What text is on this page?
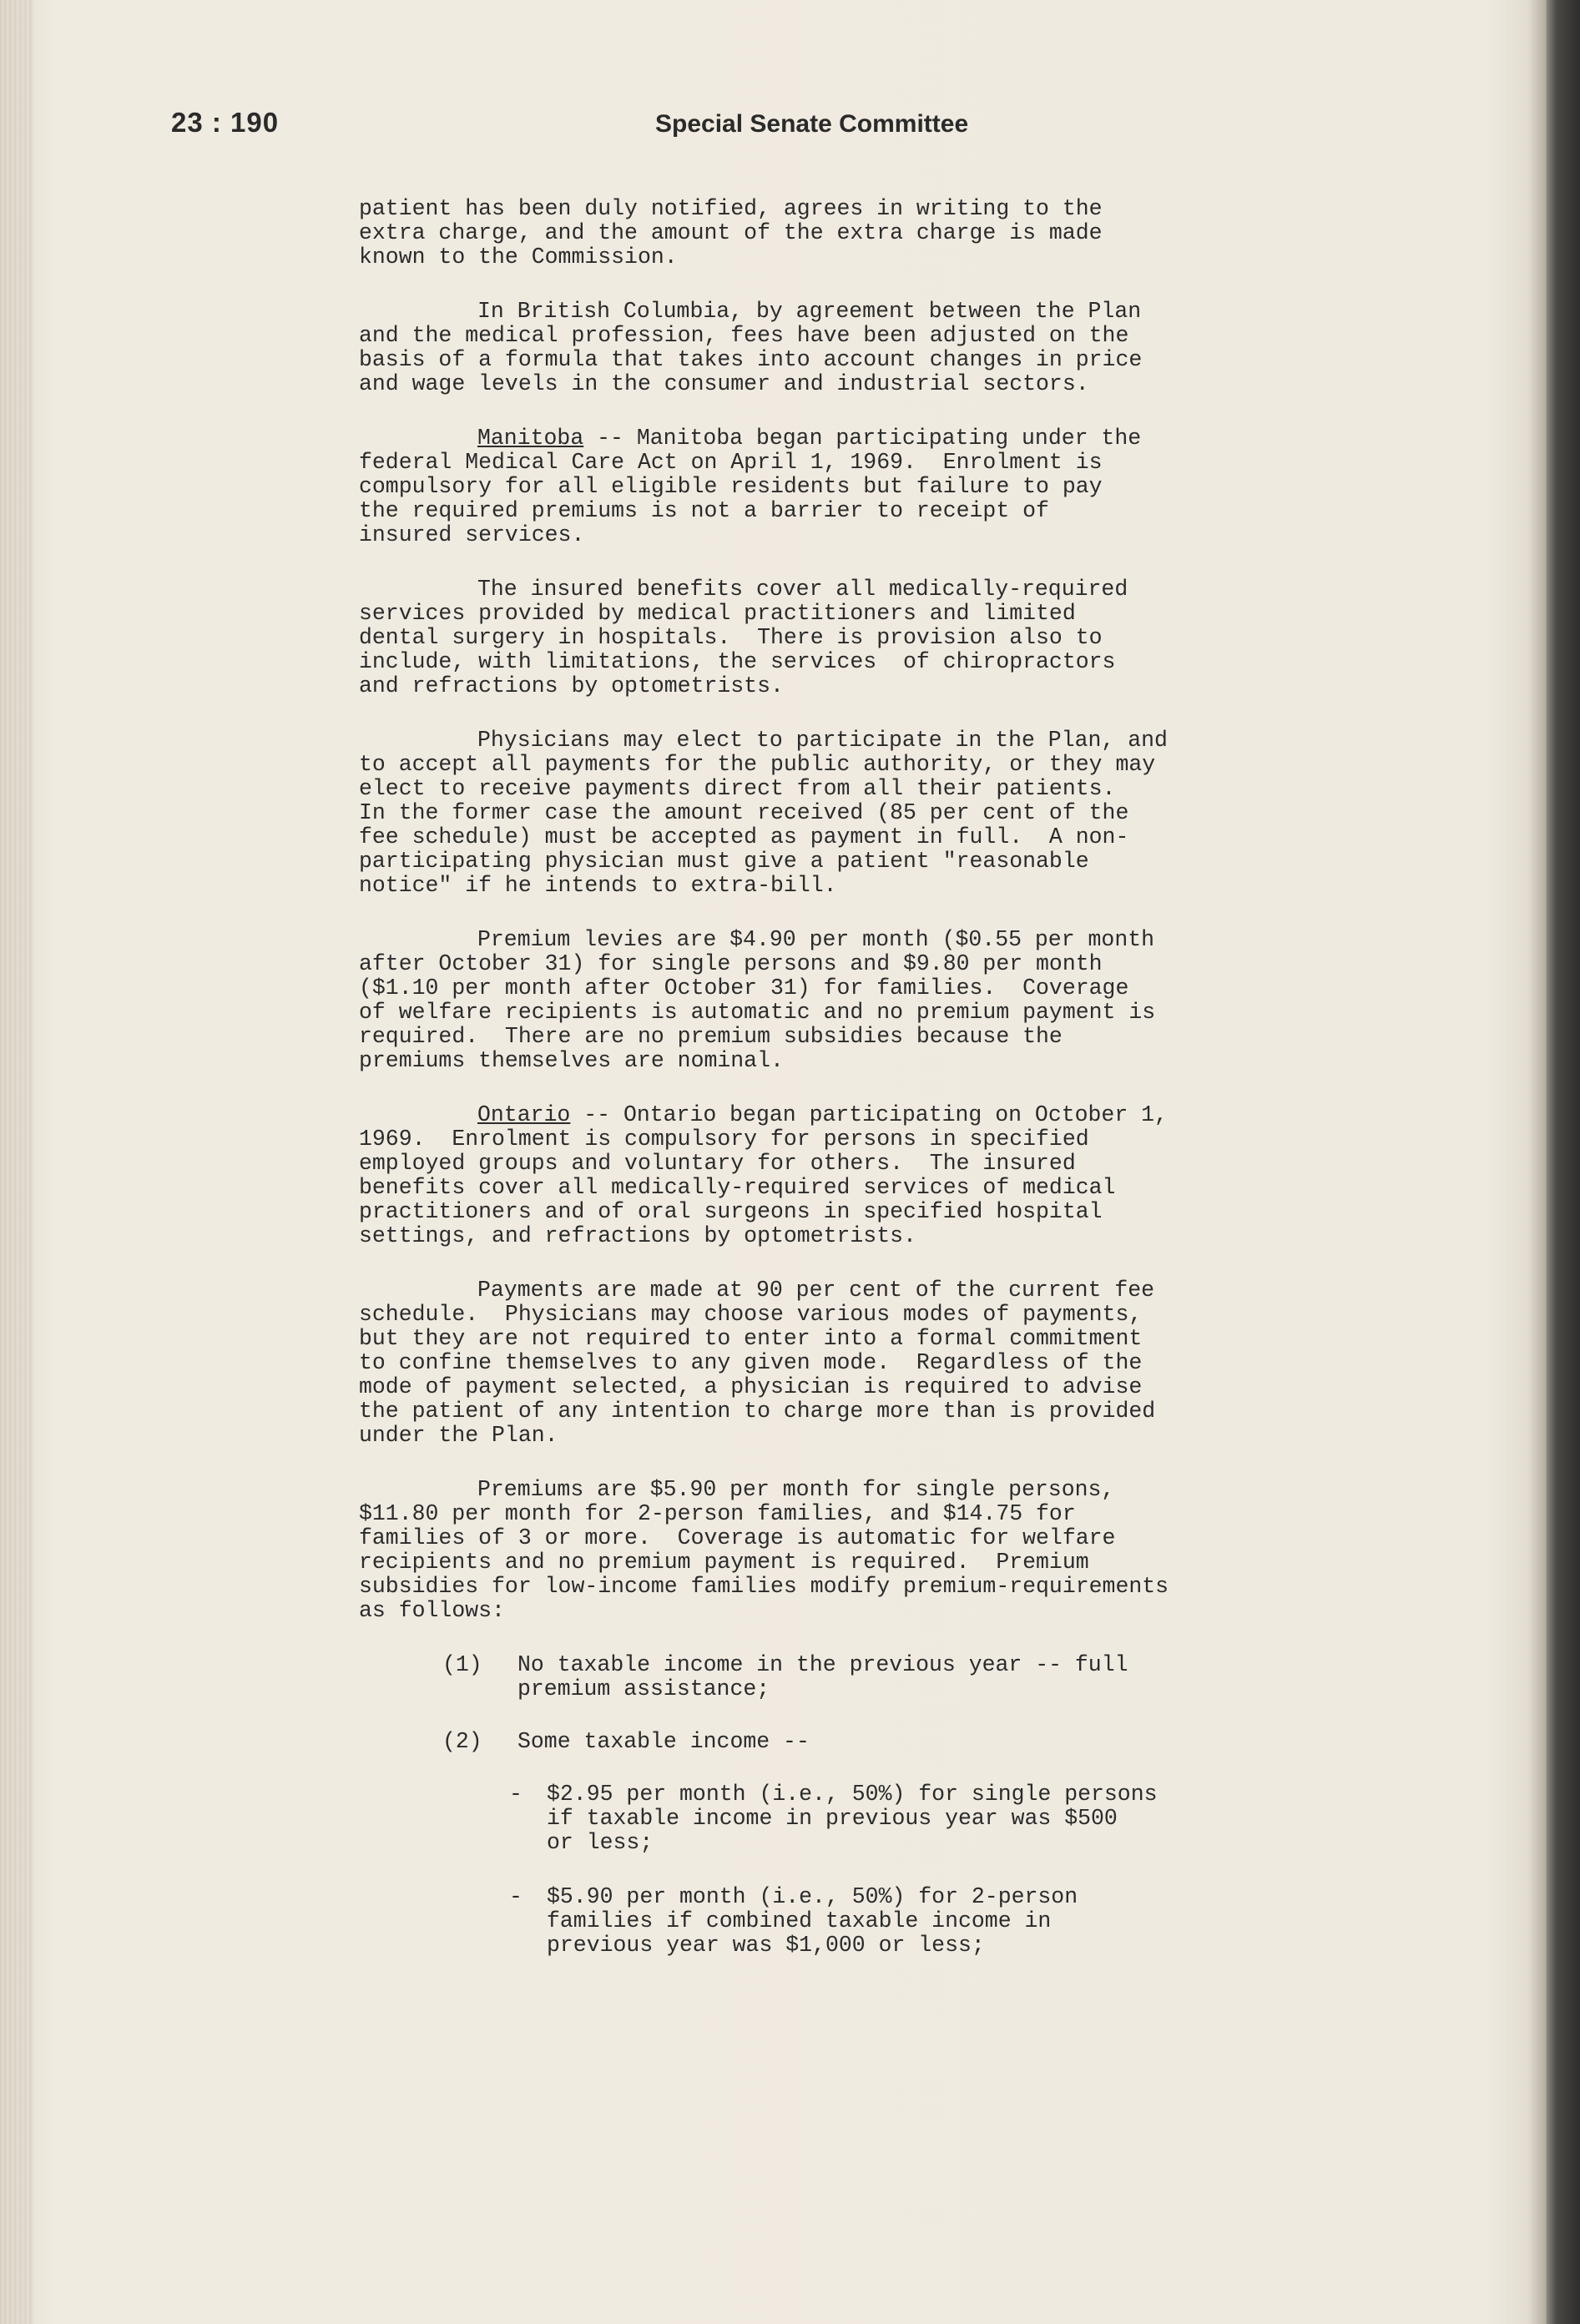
23 : 190	Special Senate Committee
patient has been duly notified, agrees in writing to the
extra charge, and the amount of the extra charge is made
known to the Commission.
In British Columbia, by agreement between the Plan
and the medical profession, fees have been adjusted on the
basis of a formula that takes into account changes in price
and wage levels in the consumer and industrial sectors.
Manitoba -- Manitoba began participating under the
federal Medical Care Act on April 1, 1969.  Enrolment is
compulsory for all eligible residents but failure to pay
the required premiums is not a barrier to receipt of
insured services.
The insured benefits cover all medically-required
services provided by medical practitioners and limited
dental surgery in hospitals.  There is provision also to
include, with limitations, the services  of chiropractors
and refractions by optometrists.
Physicians may elect to participate in the Plan, and
to accept all payments for the public authority, or they may
elect to receive payments direct from all their patients.
In the former case the amount received (85 per cent of the
fee schedule) must be accepted as payment in full.  A non-
participating physician must give a patient "reasonable
notice" if he intends to extra-bill.
Premium levies are $4.90 per month ($0.55 per month
after October 31) for single persons and $9.80 per month
($1.10 per month after October 31) for families.  Coverage
of welfare recipients is automatic and no premium payment is
required.  There are no premium subsidies because the
premiums themselves are nominal.
Ontario -- Ontario began participating on October 1,
1969.  Enrolment is compulsory for persons in specified
employed groups and voluntary for others.  The insured
benefits cover all medically-required services of medical
practitioners and of oral surgeons in specified hospital
settings, and refractions by optometrists.
Payments are made at 90 per cent of the current fee
schedule.  Physicians may choose various modes of payments,
but they are not required to enter into a formal commitment
to confine themselves to any given mode.  Regardless of the
mode of payment selected, a physician is required to advise
the patient of any intention to charge more than is provided
under the Plan.
Premiums are $5.90 per month for single persons,
$11.80 per month for 2-person families, and $14.75 for
families of 3 or more.  Coverage is automatic for welfare
recipients and no premium payment is required.  Premium
subsidies for low-income families modify premium-requirements
as follows:
(1) No taxable income in the previous year -- full
premium assistance;
(2) Some taxable income --
- $2.95 per month (i.e., 50%) for single persons
if taxable income in previous year was $500
or less;
- $5.90 per month (i.e., 50%) for 2-person
families if combined taxable income in
previous year was $1,000 or less;
